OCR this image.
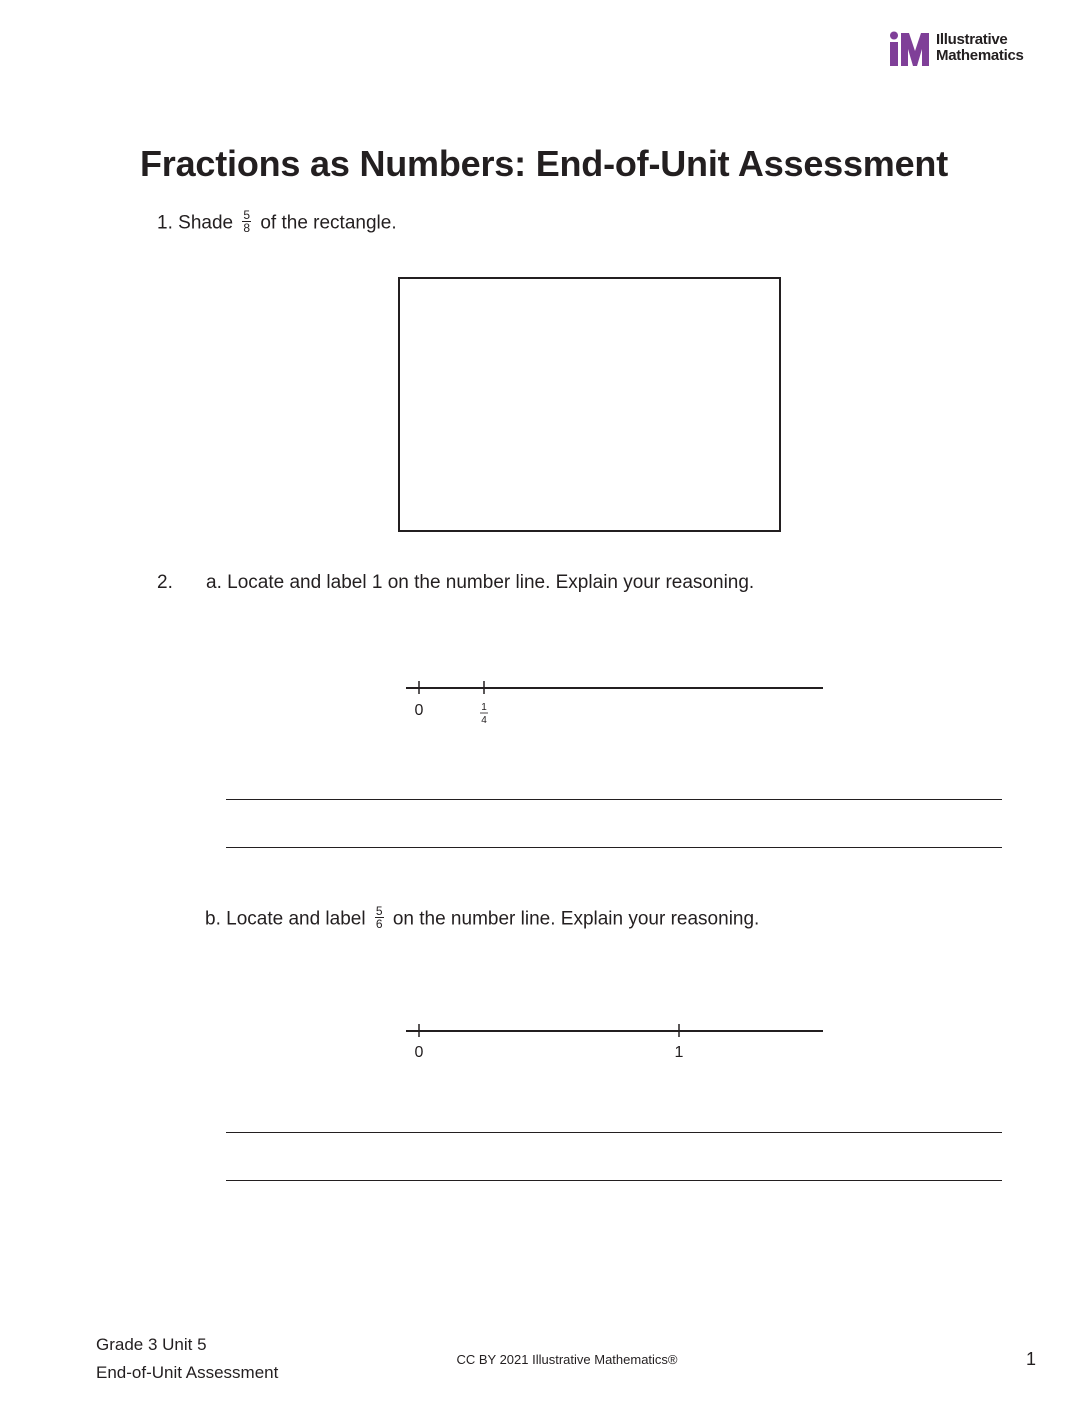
Illustrative
Mathematics
Fractions as Numbers: End-of-Unit Assessment
1. Shade $\frac{5}{8}$ of the rectangle.
2. a. Locate and label 1 on the number line. Explain your reasoning.
0	1
4
b. Locate and label $\frac{5}{6}$ on the number line. Explain your reasoning.
0	1
Grade 3 Unit 5
End-of-Unit Assessment
CC BY 2021 Illustrative Mathematics®	1
